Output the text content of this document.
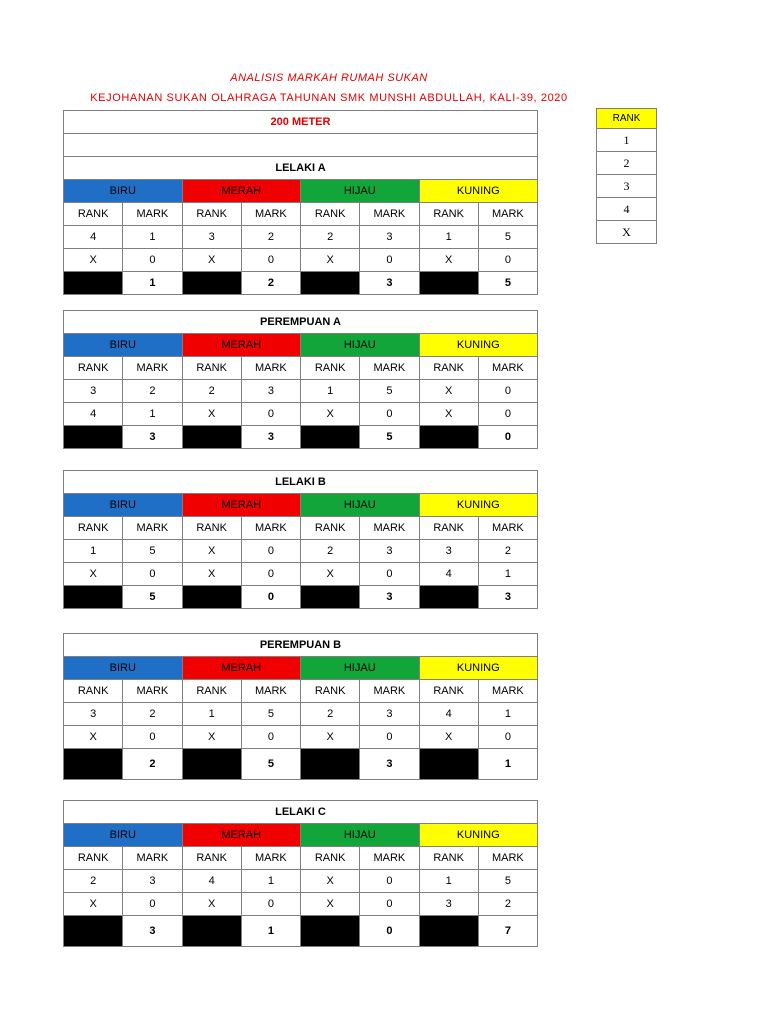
ANALISIS MARKAH RUMAH SUKAN
KEJOHANAN SUKAN OLAHRAGA TAHUNAN SMK MUNSHI ABDULLAH, KALI-39, 2020
200 METER							

LELAKI A							
BIRU		MERAH		HIJAU		KUNING	
RANK	MARK	RANK	MARK	RANK	MARK	RANK	MARK
4	1	3	2	2	3	1	5
X	0	X	0	X	0	X	0
	1		2		3		5
PEREMPUAN A							
BIRU		MERAH		HIJAU		KUNING	
RANK	MARK	RANK	MARK	RANK	MARK	RANK	MARK
3	2	2	3	1	5	X	0
4	1	X	0	X	0	X	0
	3		3		5		0
LELAKI B							
BIRU		MERAH		HIJAU		KUNING	
RANK	MARK	RANK	MARK	RANK	MARK	RANK	MARK
1	5	X	0	2	3	3	2
X	0	X	0	X	0	4	1
	5		0		3		3
PEREMPUAN B							
BIRU		MERAH		HIJAU		KUNING	
RANK	MARK	RANK	MARK	RANK	MARK	RANK	MARK
3	2	1	5	2	3	4	1
X	0	X	0	X	0	X	0
	2		5		3		1
LELAKI C							
BIRU		MERAH		HIJAU		KUNING	
RANK	MARK	RANK	MARK	RANK	MARK	RANK	MARK
2	3	4	1	X	0	1	5
X	0	X	0	X	0	3	2
	3		1		0		7
RANK
1
2
3
4
X
